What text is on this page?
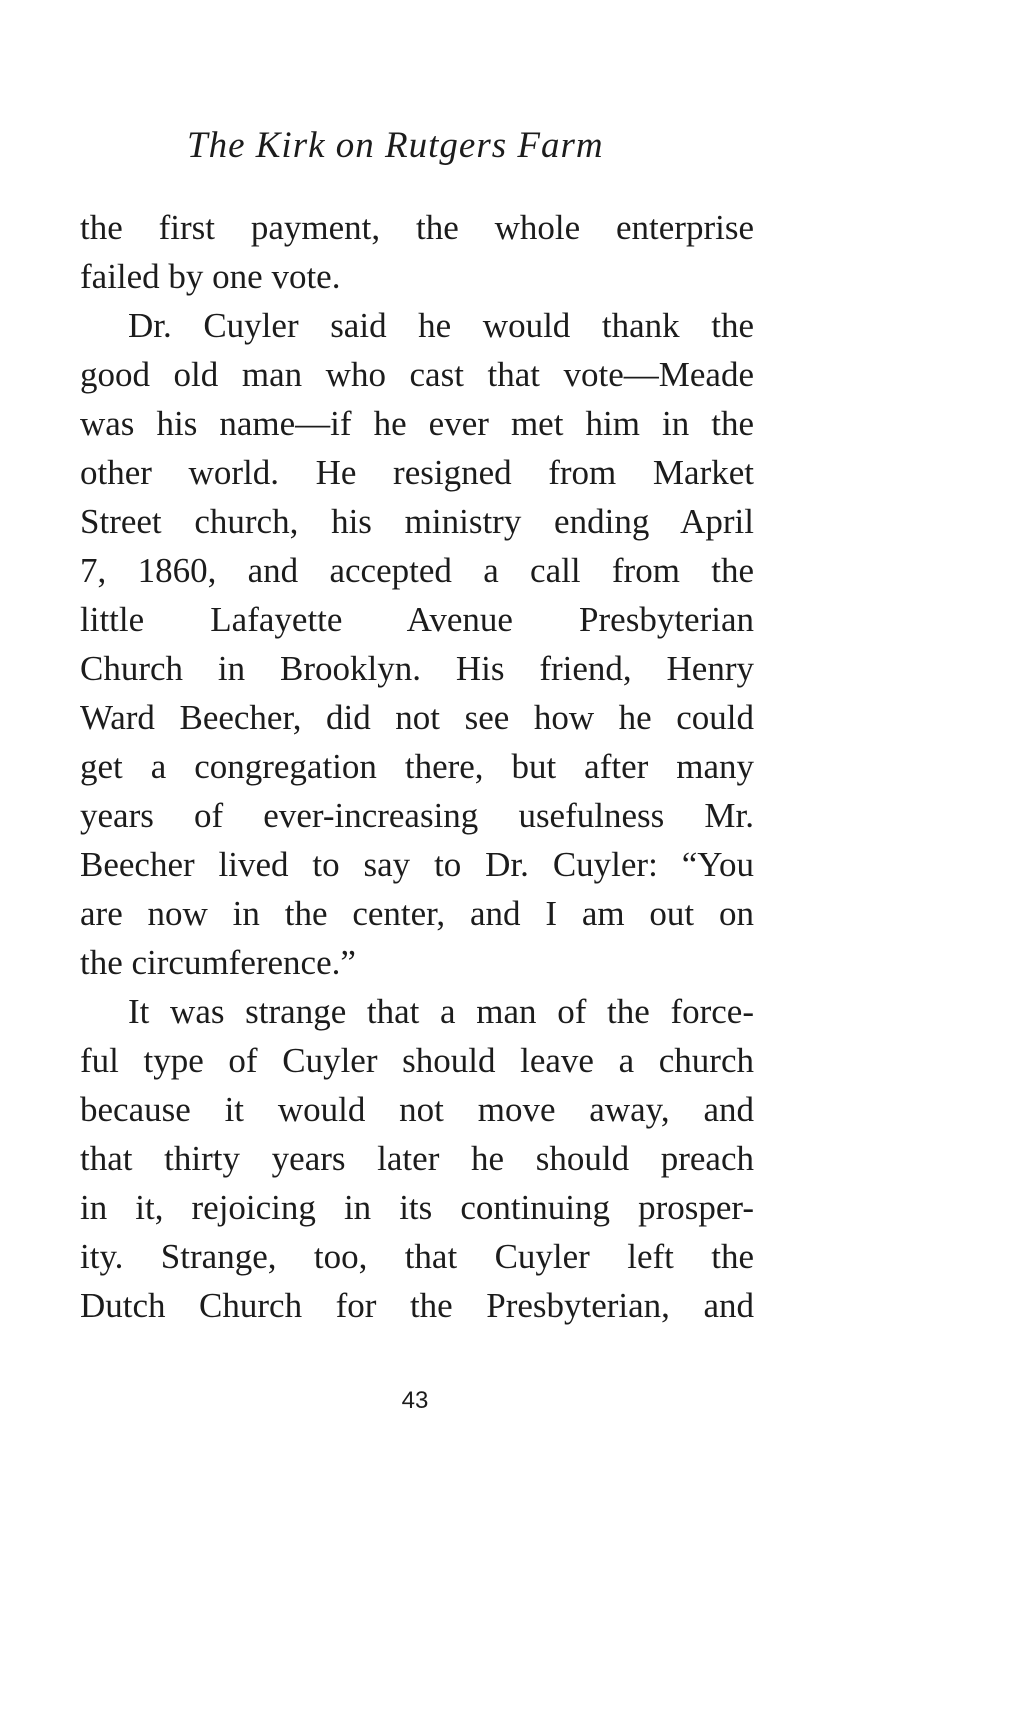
The Kirk on Rutgers Farm
the first payment, the whole enterprise
failed by one vote.
Dr. Cuyler said he would thank the
good old man who cast that vote—Meade
was his name—if he ever met him in the
other world. He resigned from Market
Street church, his ministry ending April
7, 1860, and accepted a call from the
little Lafayette Avenue Presbyterian
Church in Brooklyn. His friend, Henry
Ward Beecher, did not see how he could
get a congregation there, but after many
years of ever-increasing usefulness Mr.
Beecher lived to say to Dr. Cuyler: “You
are now in the center, and I am out on
the circumference.”
It was strange that a man of the force-
ful type of Cuyler should leave a church
because it would not move away, and
that thirty years later he should preach
in it, rejoicing in its continuing prosper-
ity. Strange, too, that Cuyler left the
Dutch Church for the Presbyterian, and
43
